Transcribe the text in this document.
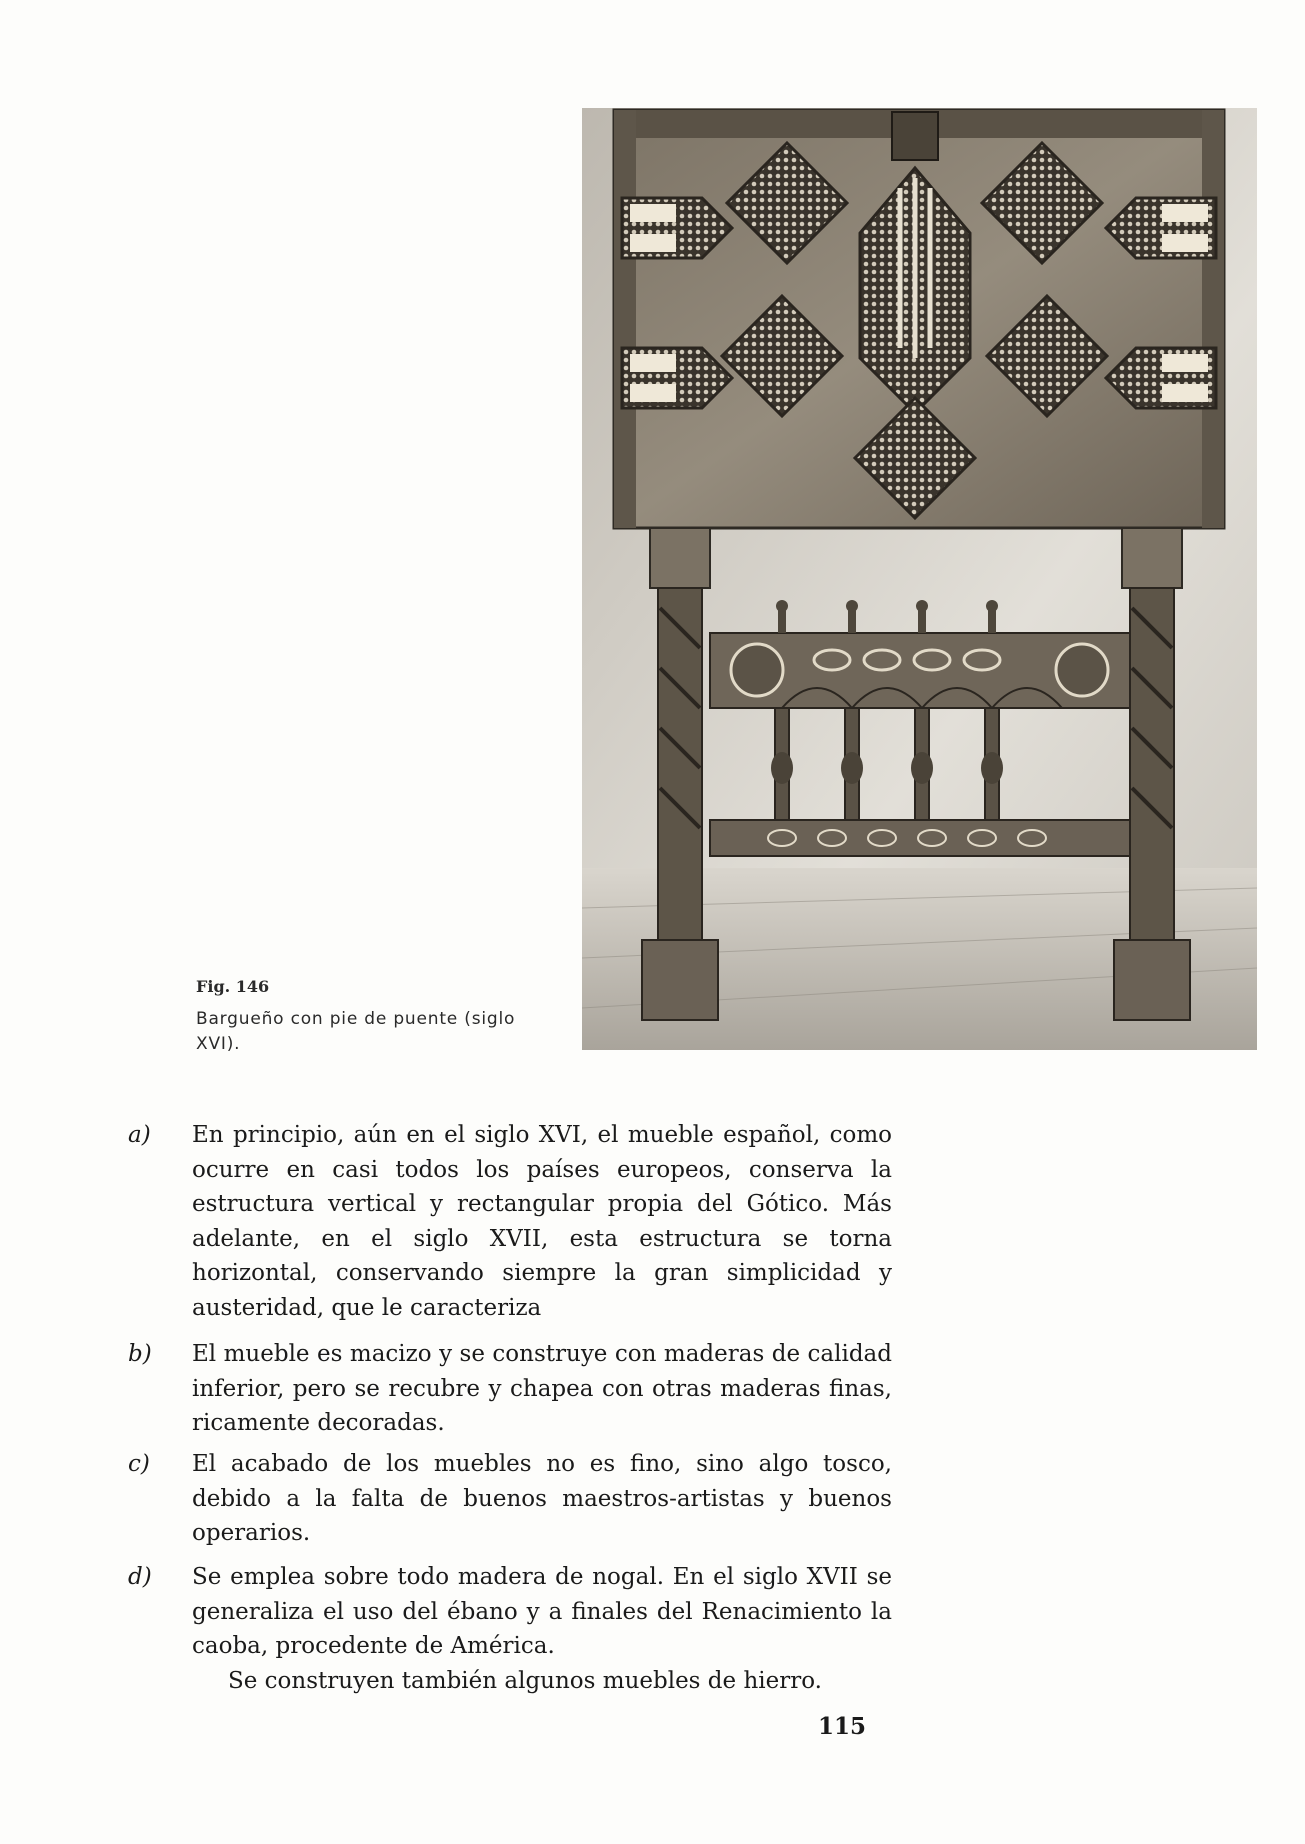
Fig. 146
Bargueño con pie de puente (siglo XVI).
a) En principio, aún en el siglo XVI, el mueble español, como ocurre en casi todos los países europeos, conserva la estructura vertical y rectangular propia del Gótico. Más adelante, en el siglo XVII, esta estructura se torna horizontal, conservando siempre la gran simplicidad y austeridad, que le caracteriza
b) El mueble es macizo y se construye con maderas de calidad inferior, pero se recubre y chapea con otras maderas finas, ricamente decoradas.
c) El acabado de los muebles no es fino, sino algo tosco, debido a la falta de buenos maestros-artistas y buenos operarios.
d) Se emplea sobre todo madera de nogal. En el siglo XVII se generaliza el uso del ébano y a finales del Renacimiento la caoba, procedente de América.

Se construyen también algunos muebles de hierro.

115
